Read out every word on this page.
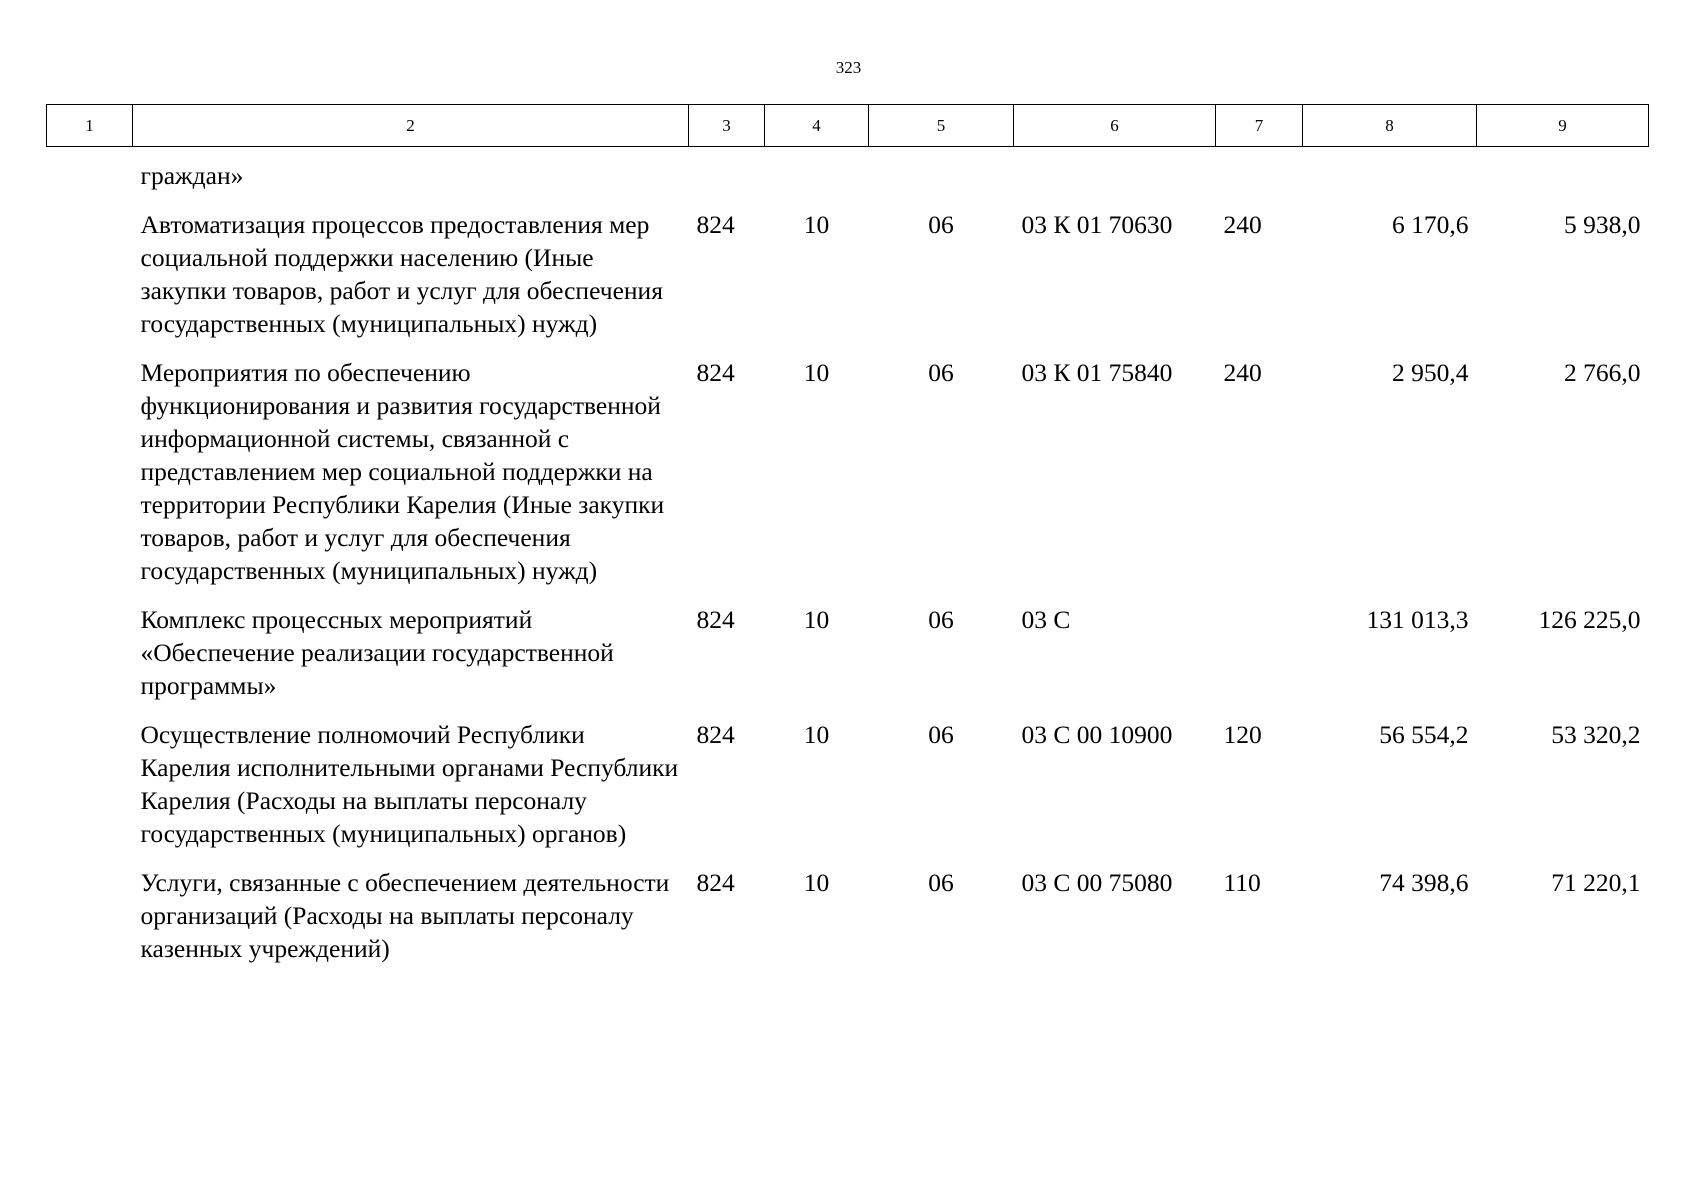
323
1	2	3	4	5	6	7	8	9
	граждан»							
	Автоматизация процессов предоставления мер социальной поддержки населению (Иные закупки товаров, работ и услуг для обеспечения государственных (муниципальных) нужд)	824	10	06	03 К 01 70630	240	6 170,6	5 938,0
	Мероприятия по обеспечению функционирования и развития государственной информационной системы, связанной с представлением мер социальной поддержки на территории Республики Карелия (Иные закупки товаров, работ и услуг для обеспечения государственных (муниципальных) нужд)	824	10	06	03 К 01 75840	240	2 950,4	2 766,0
	Комплекс процессных мероприятий «Обеспечение реализации государственной программы»	824	10	06	03 С		131 013,3	126 225,0
	Осуществление полномочий Республики Карелия исполнительными органами Республики Карелия (Расходы на выплаты персоналу государственных (муниципальных) органов)	824	10	06	03 С 00 10900	120	56 554,2	53 320,2
	Услуги, связанные с обеспечением деятельности организаций (Расходы на выплаты персоналу казенных учреждений)	824	10	06	03 С 00 75080	110	74 398,6	71 220,1
